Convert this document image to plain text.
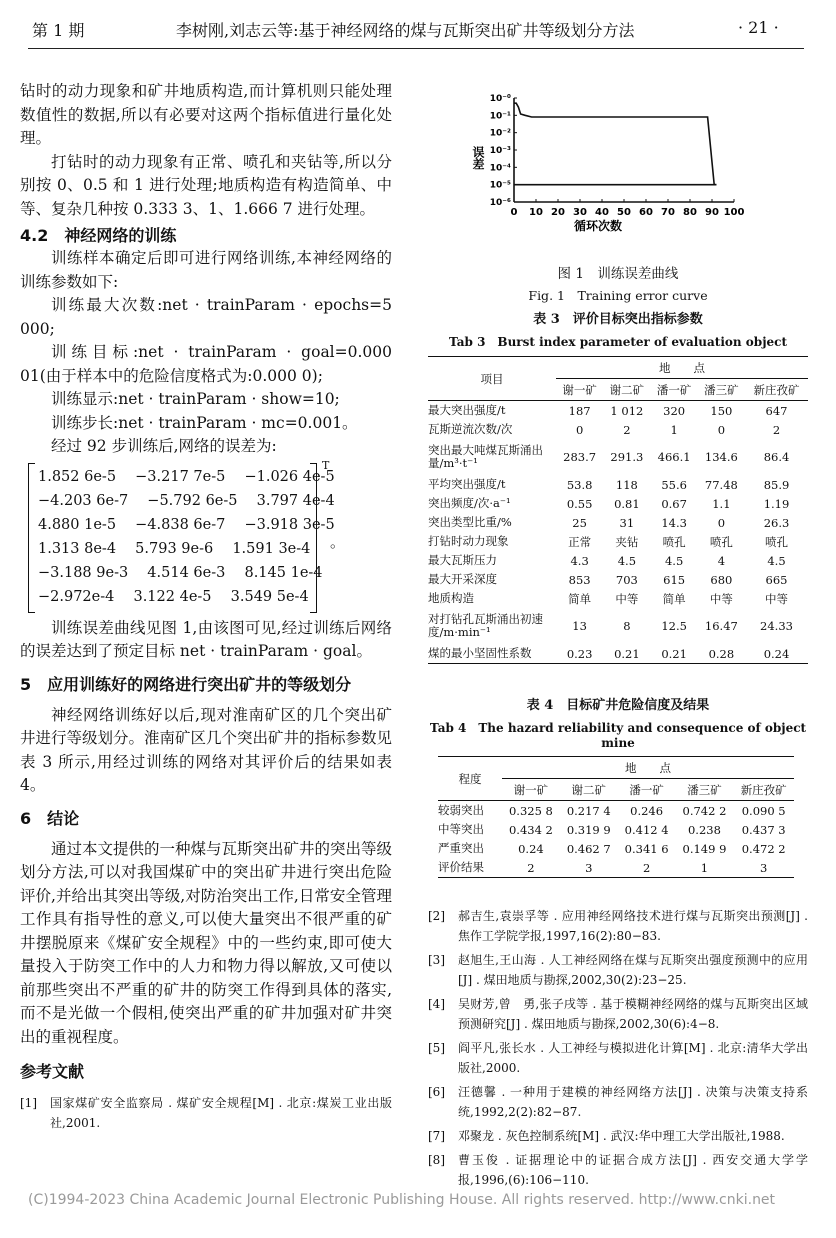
第 1 期	李树刚,刘志云等:基于神经网络的煤与瓦斯突出矿井等级划分方法	· 21 ·

钻时的动力现象和矿井地质构造,而计算机则只能处理数值性的数据,所以有必要对这两个指标值进行量化处理。

打钻时的动力现象有正常、喷孔和夹钻等,所以分别按 0、0.5 和 1 进行处理;地质构造有构造简单、中等、复杂几种按 0.333 3、1、1.666 7 进行处理。

4.2　神经网络的训练

训练样本确定后即可进行网络训练,本神经网络的训练参数如下:

训练最大次数:net · trainParam · epochs=5 000;

训练目标:net · trainParam · goal=0.000 01(由于样本中的危险信度格式为:0.000 0);

训练显示:net · trainParam · show=10;

训练步长:net · trainParam · mc=0.001。

经过 92 步训练后,网络的误差为:

1.852 6e-5 　−3.217 7e-5 　−1.026 4e-5
−4.203 6e-7 　−5.792 6e-5 　3.797 4e-4
4.880 1e-5 　−4.838 6e-7 　−3.918 3e-5
1.313 8e-4 　5.793 9e-6 　1.591 3e-4
−3.188 9e-3 　4.514 6e-3 　8.145 1e-4
−2.972e-4 　3.122 4e-5 　3.549 5e-4
T
。

训练误差曲线见图 1,由该图可见,经过训练后网络的误差达到了预定目标 net · trainParam · goal。

5　应用训练好的网络进行突出矿井的等级划分

神经网络训练好以后,现对淮南矿区的几个突出矿井进行等级划分。淮南矿区几个突出矿井的指标参数见表 3 所示,用经过训练的网络对其评价后的结果如表 4。

6　结论

通过本文提供的一种煤与瓦斯突出矿井的突出等级划分方法,可以对我国煤矿中的突出矿井进行突出危险评价,并给出其突出等级,对防治突出工作,日常安全管理工作具有指导性的意义,可以使大量突出不很严重的矿井摆脱原来《煤矿安全规程》中的一些约束,即可使大量投入于防突工作中的人力和物力得以解放,又可使以前那些突出不严重的矿井的防突工作得到具体的落实,而不是光做一个假相,使突出严重的矿井加强对矿井突出的重视程度。

参考文献
[1] 国家煤矿安全监察局 . 煤矿安全规程[M] . 北京:煤炭工业出版社,2001.
0 10 20 30 40 50 60 70 80 90 100
10⁻⁰
10⁻¹
10⁻²
10⁻³
10⁻⁴
10⁻⁵
10⁻⁶
误差
循环次数
图 1　训练误差曲线
Fig. 1　Training error curve
表 3　评价目标突出指标参数
Tab 3　Burst index parameter of evaluation object
项目	地　　点				
	谢一矿	谢二矿	潘一矿	潘三矿	新庄孜矿
最大突出强度/t	187	1 012	320	150	647
瓦斯逆流次数/次	0	2	1	0	2
突出最大吨煤瓦斯涌出量/m³·t⁻¹	283.7	291.3	466.1	134.6	86.4
平均突出强度/t	53.8	118	55.6	77.48	85.9
突出频度/次·a⁻¹	0.55	0.81	0.67	1.1	1.19
突出类型比重/%	25	31	14.3	0	26.3
打钻时动力现象	正常	夹钻	喷孔	喷孔	喷孔
最大瓦斯压力	4.3	4.5	4.5	4	4.5
最大开采深度	853	703	615	680	665
地质构造	简单	中等	简单	中等	中等
对打钻孔瓦斯涌出初速度/m·min⁻¹	13	8	12.5	16.47	24.33
煤的最小坚固性系数	0.23	0.21	0.21	0.28	0.24
表 4　目标矿井危险信度及结果
Tab 4　The hazard reliability and consequence of object mine
程度	地　　点				
	谢一矿	谢二矿	潘一矿	潘三矿	新庄孜矿
较弱突出	0.325 8	0.217 4	0.246	0.742 2	0.090 5
中等突出	0.434 2	0.319 9	0.412 4	0.238	0.437 3
严重突出	0.24	0.462 7	0.341 6	0.149 9	0.472 2
评价结果	2	3	2	1	3
[2] 郝吉生,袁崇孚等 . 应用神经网络技术进行煤与瓦斯突出预测[J] . 焦作工学院学报,1997,16(2):80−83.
[3] 赵旭生,王山海 . 人工神经网络在煤与瓦斯突出强度预测中的应用[J] . 煤田地质与勘探,2002,30(2):23−25.
[4] 吴财芳,曾　勇,张子戌等 . 基于模糊神经网络的煤与瓦斯突出区域预测研究[J] . 煤田地质与勘探,2002,30(6):4−8.
[5] 阎平凡,张长水 . 人工神经与模拟进化计算[M] . 北京:清华大学出版社,2000.
[6] 汪德馨 . 一种用于建模的神经网络方法[J] . 决策与决策支持系统,1992,2(2):82−87.
[7] 邓聚龙 . 灰色控制系统[M] . 武汉:华中理工大学出版社,1988.
[8] 曹玉俊 . 证据理论中的证据合成方法[J] . 西安交通大学学报,1996,(6):106−110.
(C)1994-2023 China Academic Journal Electronic Publishing House. All rights reserved. http://www.cnki.net
